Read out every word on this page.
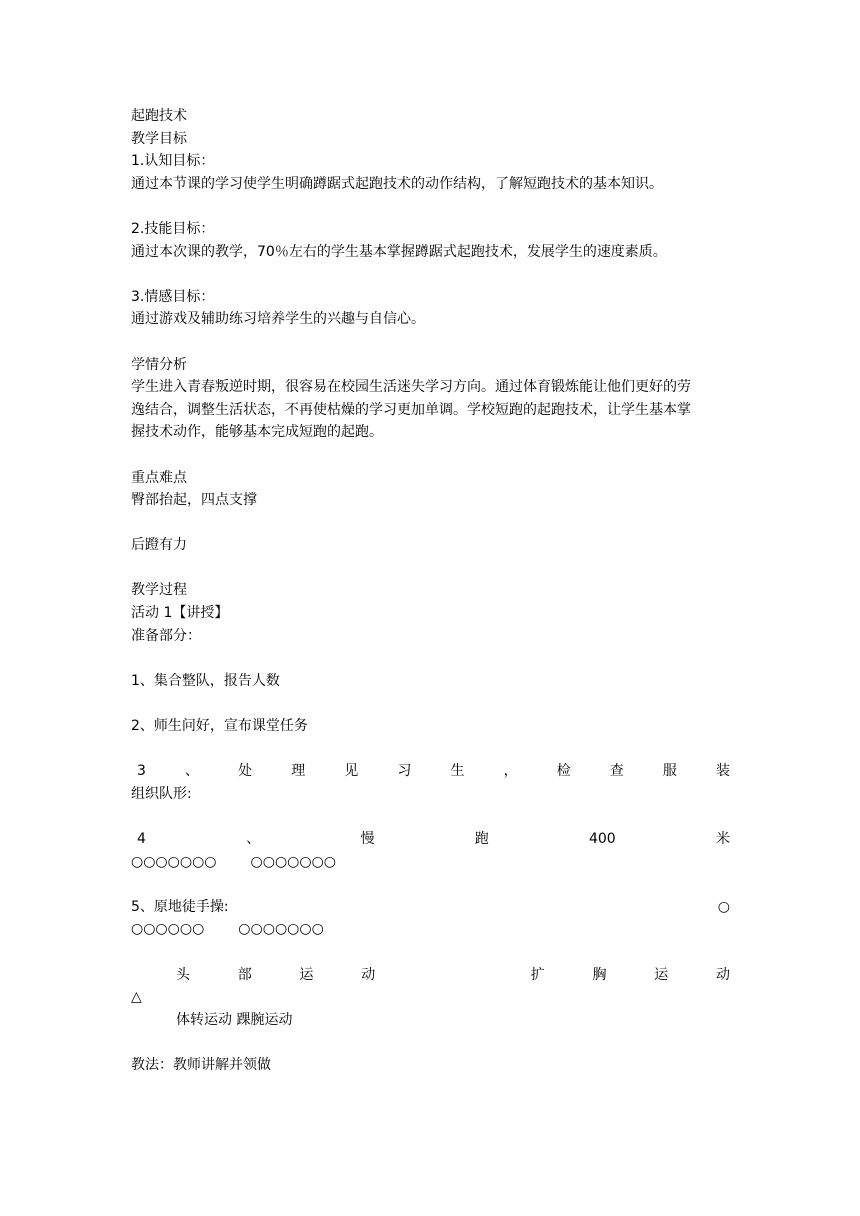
起跑技术
教学目标
1.认知目标：
通过本节课的学习使学生明确蹲踞式起跑技术的动作结构，了解短跑技术的基本知识。
2.技能目标：
通过本次课的教学，70％左右的学生基本掌握蹲踞式起跑技术，发展学生的速度素质。
3.情感目标：
通过游戏及辅助练习培养学生的兴趣与自信心。
学情分析
学生进入青春叛逆时期，很容易在校园生活迷失学习方向。通过体育锻炼能让他们更好的劳
逸结合，调整生活状态，不再使枯燥的学习更加单调。学校短跑的起跑技术，让学生基本掌
握技术动作，能够基本完成短跑的起跑。
重点难点
臀部抬起，四点支撑
后蹬有力
教学过程
活动 1【讲授】
准备部分：
1、集合整队，报告人数
2、师生问好，宣布课堂任务
3	、	处	理	见	习	生	，	检	查	服	装
组织队形:
4	、	慢	跑	400	米
○○○○○○○ ○○○○○○○
5、原地徒手操:	○
○○○○○○ ○○○○○○○
头	部	运	动	扩	胸	运	动
△
体转运动 踝腕运动
教法：教师讲解并领做
